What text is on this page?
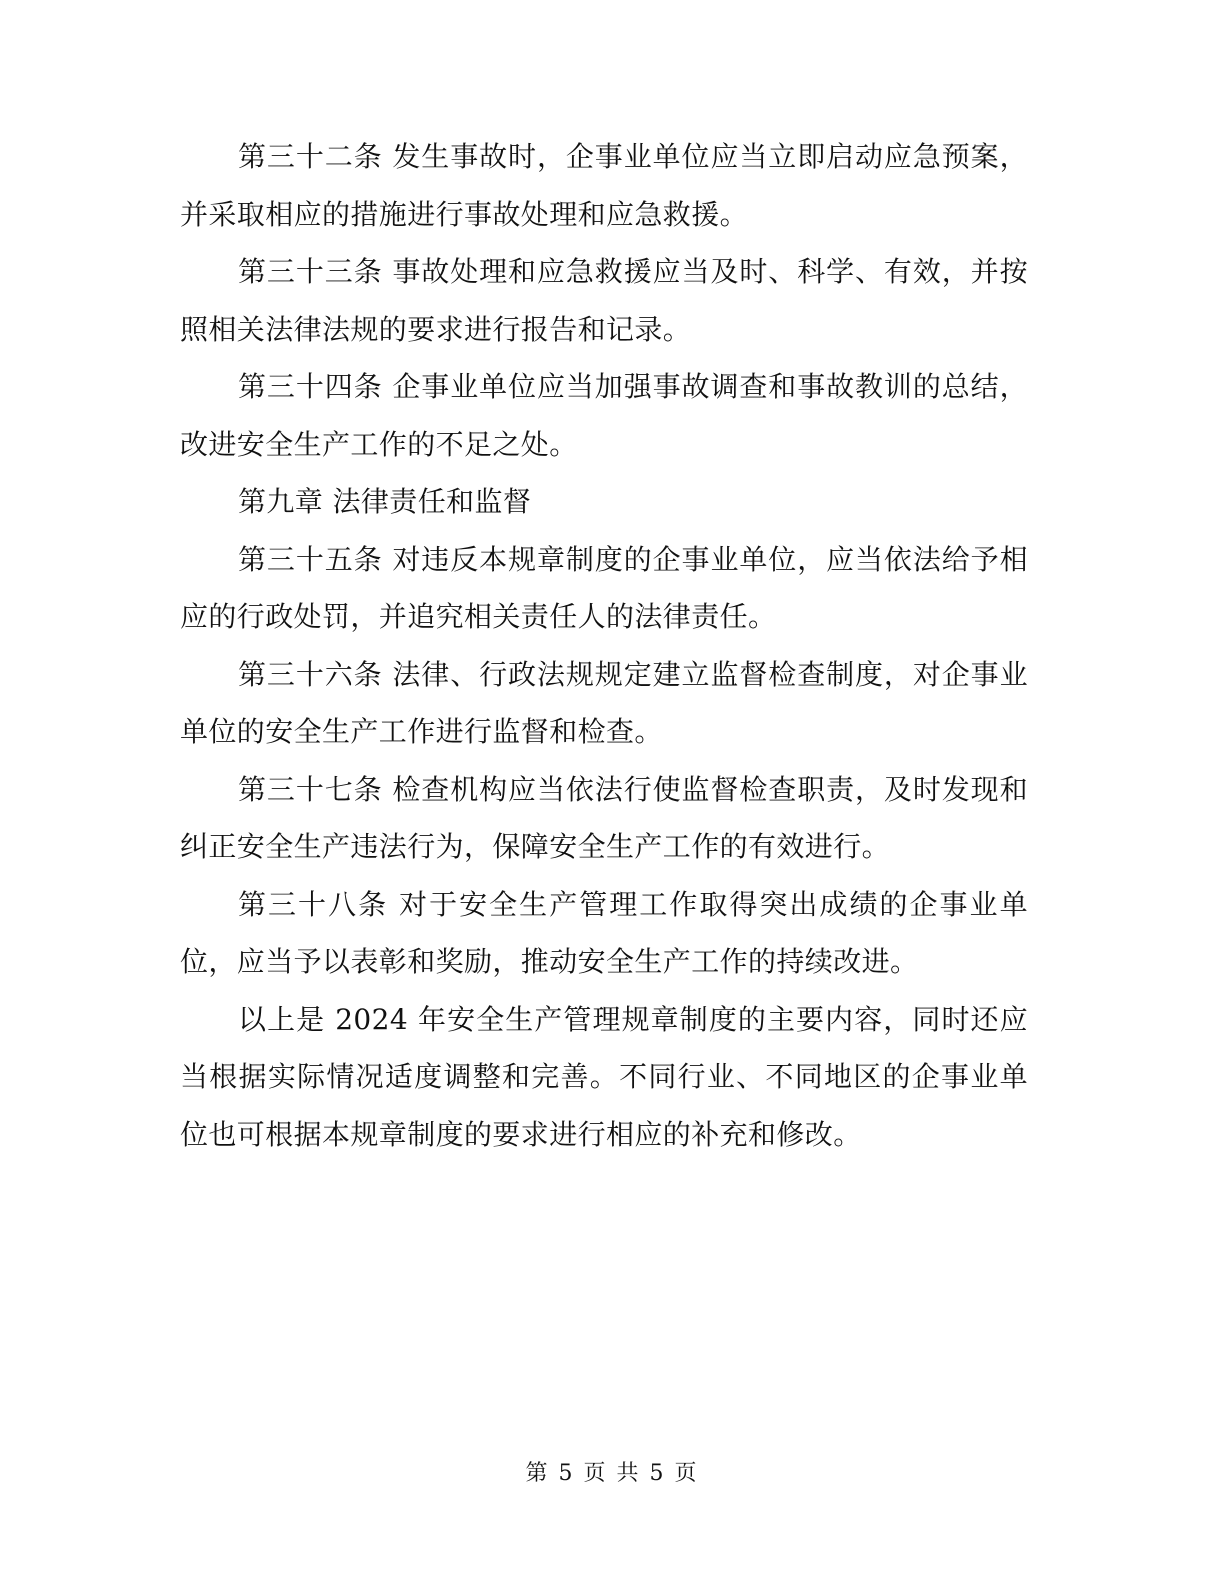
第三十二条 发生事故时，企事业单位应当立即启动应急预案，并采取相应的措施进行事故处理和应急救援。

第三十三条 事故处理和应急救援应当及时、科学、有效，并按照相关法律法规的要求进行报告和记录。

第三十四条 企事业单位应当加强事故调查和事故教训的总结，改进安全生产工作的不足之处。

第九章 法律责任和监督

第三十五条 对违反本规章制度的企事业单位，应当依法给予相应的行政处罚，并追究相关责任人的法律责任。

第三十六条 法律、行政法规规定建立监督检查制度，对企事业单位的安全生产工作进行监督和检查。

第三十七条 检查机构应当依法行使监督检查职责，及时发现和纠正安全生产违法行为，保障安全生产工作的有效进行。

第三十八条 对于安全生产管理工作取得突出成绩的企事业单位，应当予以表彰和奖励，推动安全生产工作的持续改进。

以上是 2024 年安全生产管理规章制度的主要内容，同时还应当根据实际情况适度调整和完善。不同行业、不同地区的企事业单位也可根据本规章制度的要求进行相应的补充和修改。

第 5 页 共 5 页
